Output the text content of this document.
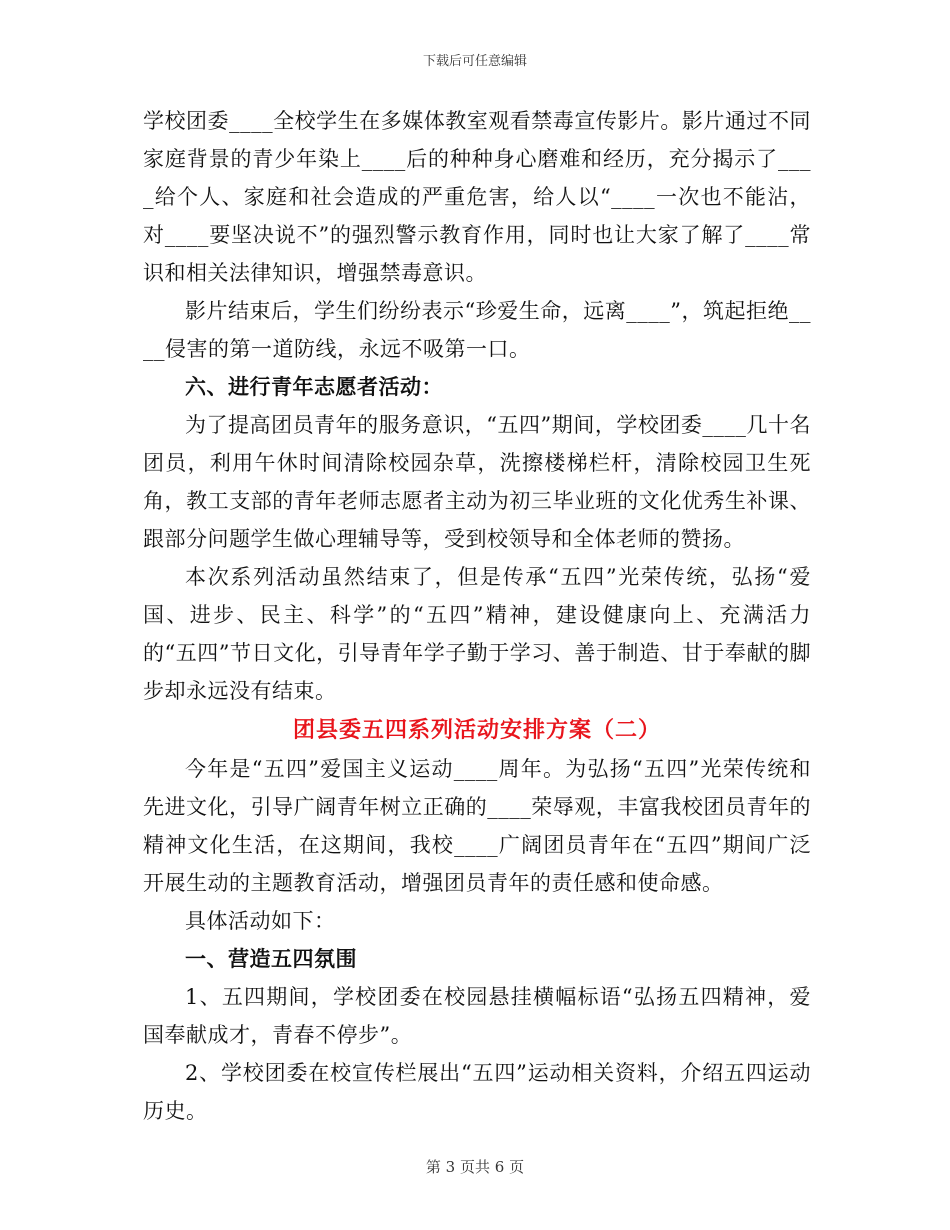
下载后可任意编辑

学校团委____全校学生在多媒体教室观看禁毒宣传影片。影片通过不同家庭背景的青少年染上____后的种种身心磨难和经历，充分揭示了____给个人、家庭和社会造成的严重危害，给人以“____一次也不能沾，对____要坚决说不”的强烈警示教育作用，同时也让大家了解了____常识和相关法律知识，增强禁毒意识。

影片结束后，学生们纷纷表示“珍爱生命，远离____”，筑起拒绝____侵害的第一道防线，永远不吸第一口。

六、进行青年志愿者活动：

为了提高团员青年的服务意识，“五四”期间，学校团委____几十名团员，利用午休时间清除校园杂草，洗擦楼梯栏杆，清除校园卫生死角，教工支部的青年老师志愿者主动为初三毕业班的文化优秀生补课、跟部分问题学生做心理辅导等，受到校领导和全体老师的赞扬。

本次系列活动虽然结束了，但是传承“五四”光荣传统，弘扬“爱国、进步、民主、科学”的“五四”精神，建设健康向上、充满活力的“五四”节日文化，引导青年学子勤于学习、善于制造、甘于奉献的脚步却永远没有结束。

团县委五四系列活动安排方案（二）

今年是“五四”爱国主义运动____周年。为弘扬“五四”光荣传统和先进文化，引导广阔青年树立正确的____荣辱观，丰富我校团员青年的精神文化生活，在这期间，我校____广阔团员青年在“五四”期间广泛开展生动的主题教育活动，增强团员青年的责任感和使命感。

具体活动如下：

一、营造五四氛围

1、五四期间，学校团委在校园悬挂横幅标语“弘扬五四精神，爱国奉献成才，青春不停步”。

2、学校团委在校宣传栏展出“五四”运动相关资料，介绍五四运动历史。

第 3 页共 6 页
